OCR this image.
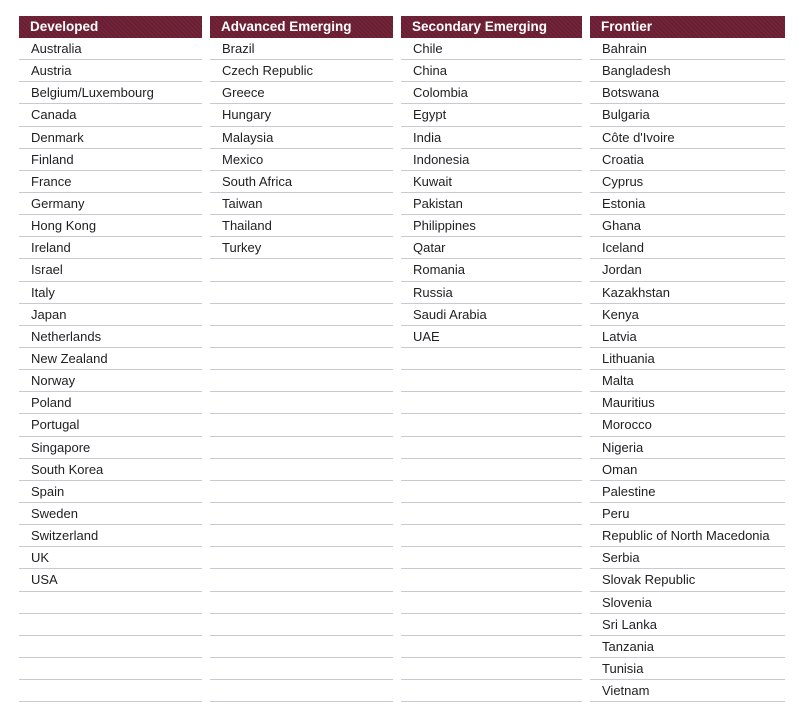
Developed
Australia
Austria
Belgium/Luxembourg
Canada
Denmark
Finland
France
Germany
Hong Kong
Ireland
Israel
Italy
Japan
Netherlands
New Zealand
Norway
Poland
Portugal
Singapore
South Korea
Spain
Sweden
Switzerland
UK
USA
Advanced Emerging
Brazil
Czech Republic
Greece
Hungary
Malaysia
Mexico
South Africa
Taiwan
Thailand
Turkey
Secondary Emerging
Chile
China
Colombia
Egypt
India
Indonesia
Kuwait
Pakistan
Philippines
Qatar
Romania
Russia
Saudi Arabia
UAE
Frontier
Bahrain
Bangladesh
Botswana
Bulgaria
Côte d'Ivoire
Croatia
Cyprus
Estonia
Ghana
Iceland
Jordan
Kazakhstan
Kenya
Latvia
Lithuania
Malta
Mauritius
Morocco
Nigeria
Oman
Palestine
Peru
Republic of North Macedonia
Serbia
Slovak Republic
Slovenia
Sri Lanka
Tanzania
Tunisia
Vietnam
